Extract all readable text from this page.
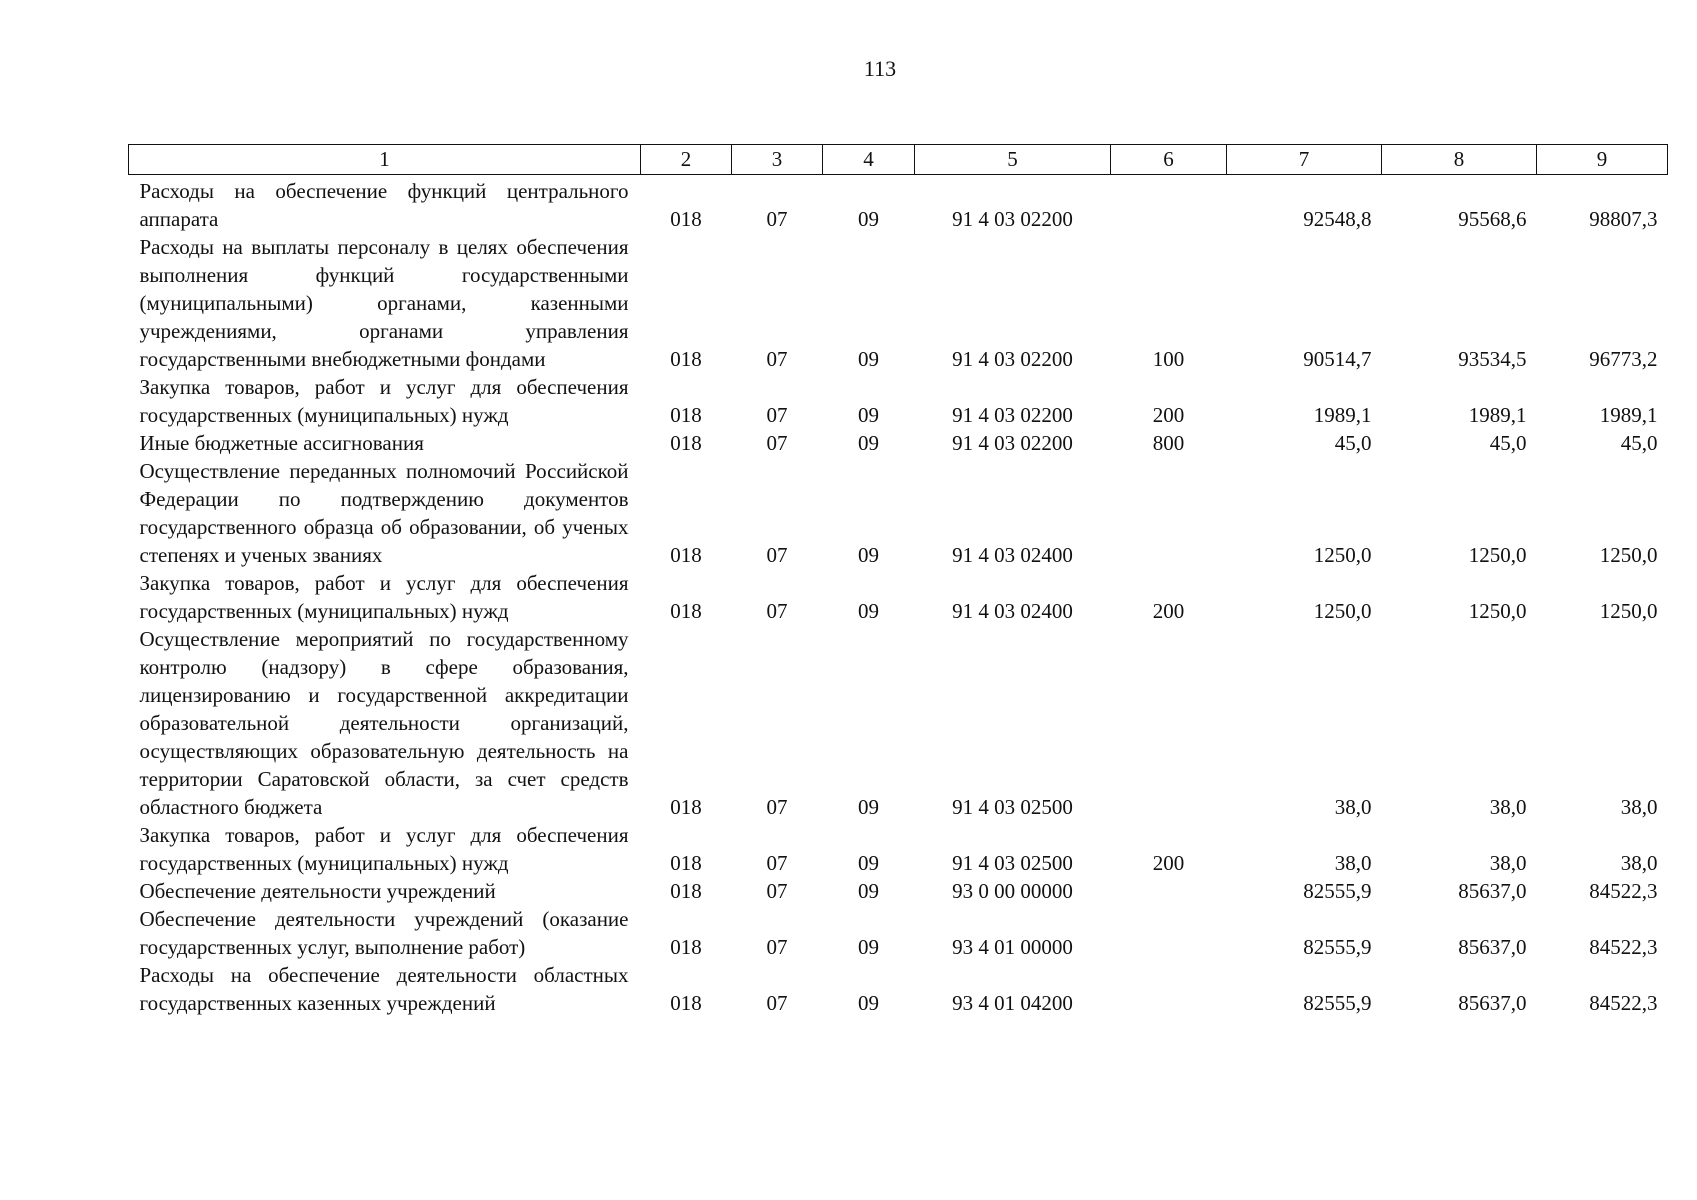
113
1	2	3	4	5	6	7	8	9
Расходы на обеспечение функций центрального аппарата	018	07	09	91 4 03 02200		92548,8	95568,6	98807,3
Расходы на выплаты персоналу в целях обеспечения выполнения функций государственными (муниципальными) органами, казенными учреждениями, органами управления государственными внебюджетными фондами	018	07	09	91 4 03 02200	100	90514,7	93534,5	96773,2
Закупка товаров, работ и услуг для обеспечения государственных (муниципальных) нужд	018	07	09	91 4 03 02200	200	1989,1	1989,1	1989,1
Иные бюджетные ассигнования	018	07	09	91 4 03 02200	800	45,0	45,0	45,0
Осуществление переданных полномочий Российской Федерации по подтверждению документов государственного образца об образовании, об ученых степенях и ученых званиях	018	07	09	91 4 03 02400		1250,0	1250,0	1250,0
Закупка товаров, работ и услуг для обеспечения государственных (муниципальных) нужд	018	07	09	91 4 03 02400	200	1250,0	1250,0	1250,0
Осуществление мероприятий по государственному контролю (надзору) в сфере образования, лицензированию и государственной аккредитации образовательной деятельности организаций, осуществляющих образовательную деятельность на территории Саратовской области, за счет средств областного бюджета	018	07	09	91 4 03 02500		38,0	38,0	38,0
Закупка товаров, работ и услуг для обеспечения государственных (муниципальных) нужд	018	07	09	91 4 03 02500	200	38,0	38,0	38,0
Обеспечение деятельности учреждений	018	07	09	93 0 00 00000		82555,9	85637,0	84522,3
Обеспечение деятельности учреждений (оказание государственных услуг, выполнение работ)	018	07	09	93 4 01 00000		82555,9	85637,0	84522,3
Расходы на обеспечение деятельности областных государственных казенных учреждений	018	07	09	93 4 01 04200		82555,9	85637,0	84522,3
